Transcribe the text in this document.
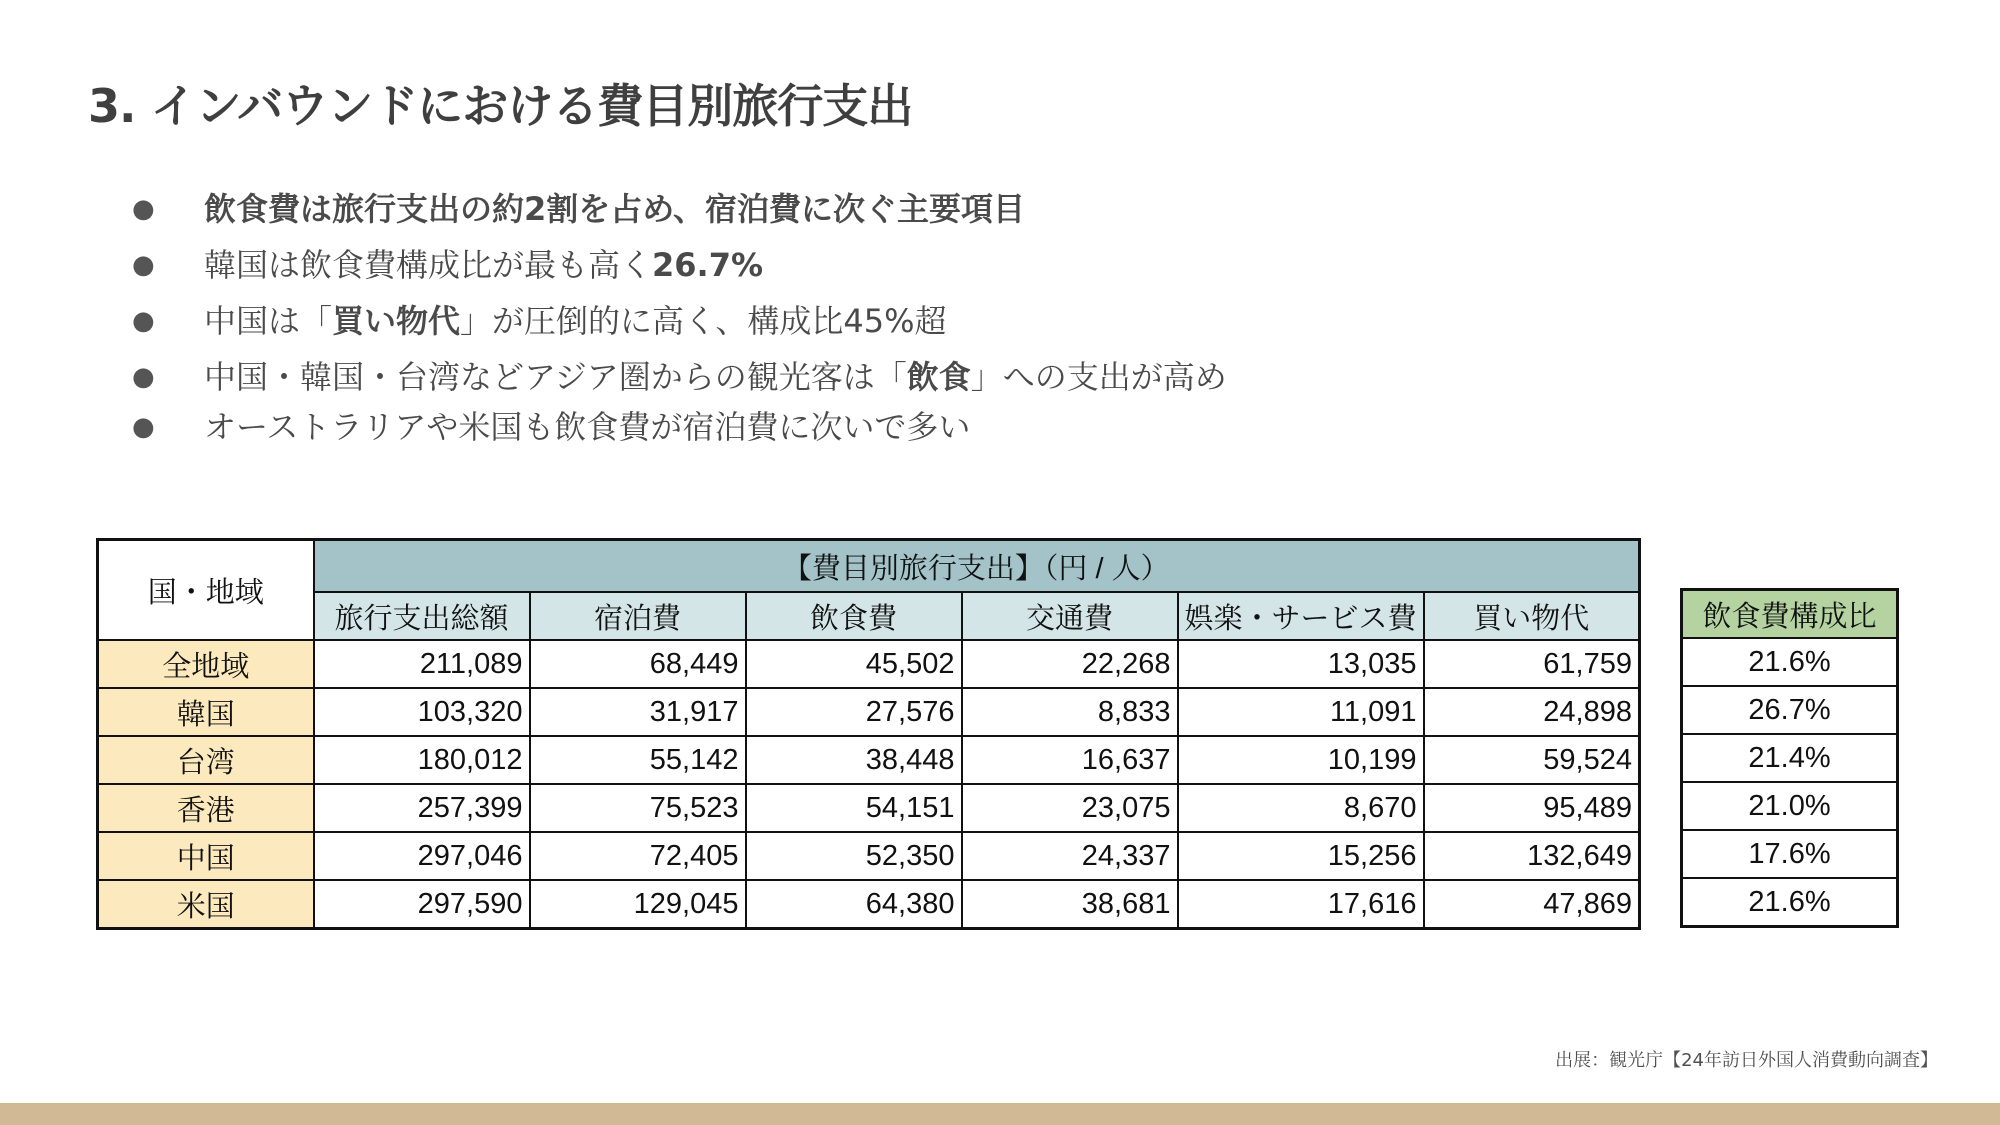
3. インバウンドにおける費目別旅行支出
● 飲食費は旅行支出の約2割を占め、宿泊費に次ぐ主要項目
● 韓国は飲食費構成比が最も高く26.7%
● 中国は「買い物代」が圧倒的に高く、構成比45%超
● 中国・韓国・台湾などアジア圏からの観光客は「飲食」への支出が高め
● オーストラリアや米国も飲食費が宿泊費に次いで多い
国・地域	【費目別旅行支出】（円 / 人）					
	旅行支出総額	宿泊費	飲食費	交通費	娯楽・サービス費	買い物代
全地域	211,089	68,449	45,502	22,268	13,035	61,759
韓国	103,320	31,917	27,576	8,833	11,091	24,898
台湾	180,012	55,142	38,448	16,637	10,199	59,524
香港	257,399	75,523	54,151	23,075	8,670	95,489
中国	297,046	72,405	52,350	24,337	15,256	132,649
米国	297,590	129,045	64,380	38,681	17,616	47,869
飲食費構成比
21.6%
26.7%
21.4%
21.0%
17.6%
21.6%
出展：観光庁【24年訪日外国人消費動向調査】
